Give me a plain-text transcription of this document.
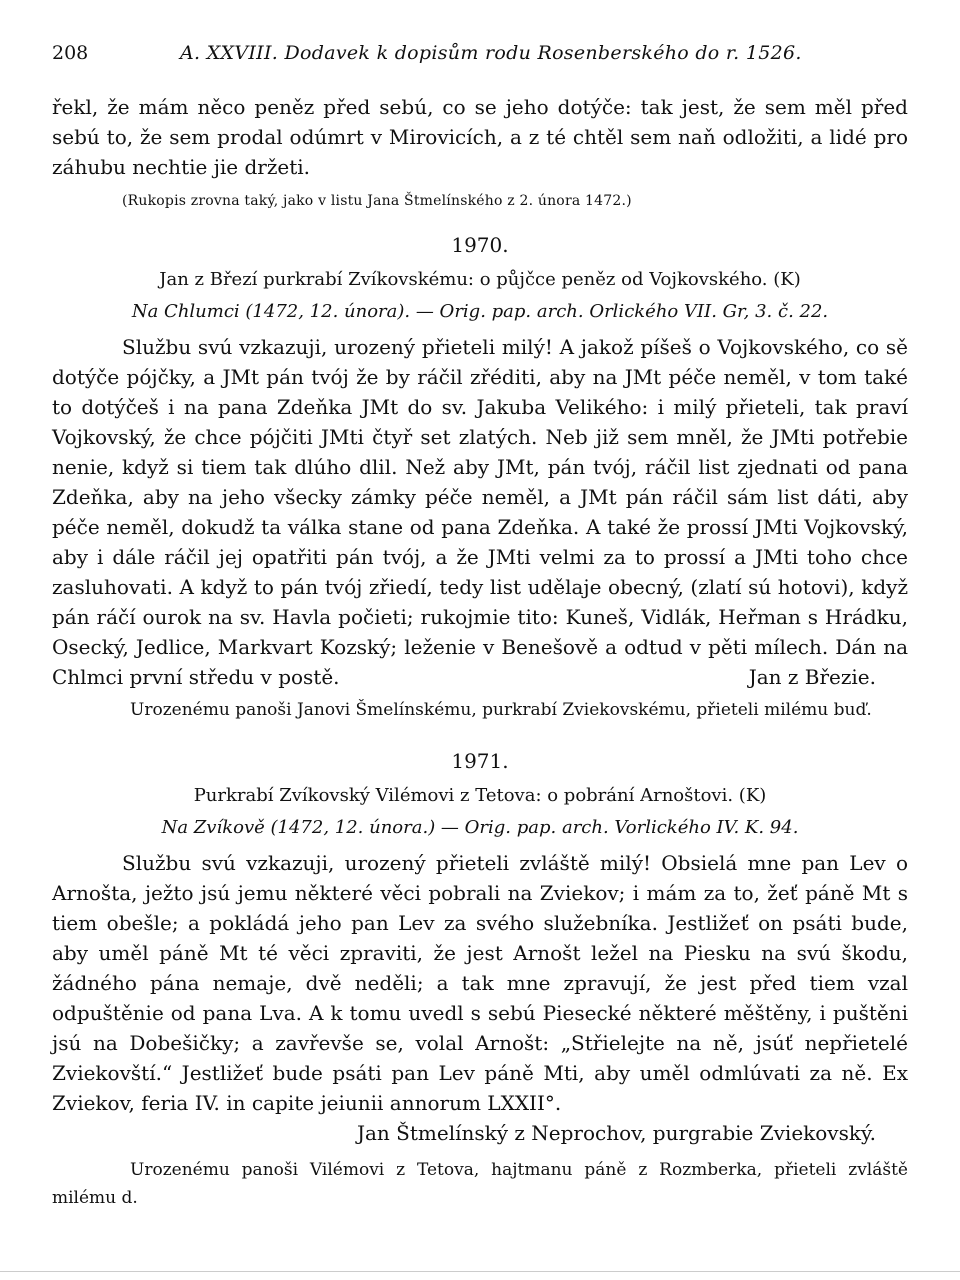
208	A. XXVIII. Dodavek k dopisům rodu Rosenberského do r. 1526.

řekl, že mám něco peněz před sebú, co se jeho dotýče: tak jest, že sem měl před sebú to, že sem prodal odúmrt v Mirovicích, a z té chtěl sem naň odložiti, a lidé pro záhubu nechtie jie držeti.

(Rukopis zrovna taký, jako v listu Jana Štmelínského z 2. února 1472.)

1970.
Jan z Březí purkrabí Zvíkovskému: o půjčce peněz od Vojkovského. (K)
Na Chlumci (1472, 12. února). — Orig. pap. arch. Orlického VII. Gr, 3. č. 22.

Službu svú vzkazuji, urozený přieteli milý! A jakož píšeš o Vojkovského, co sě dotýče pójčky, a JMt pán tvój že by ráčil zřéditi, aby na JMt péče neměl, v tom také to dotýčeš i na pana Zdeňka JMt do sv. Jakuba Velikého: i milý přieteli, tak praví Vojkovský, že chce pójčiti JMti čtyř set zlatých. Neb již sem mněl, že JMti potřebie nenie, když si tiem tak dlúho dlil. Než aby JMt, pán tvój, ráčil list zjednati od pana Zdeňka, aby na jeho všecky zámky péče neměl, a JMt pán ráčil sám list dáti, aby péče neměl, dokudž ta válka stane od pana Zdeňka. A také že prossí JMti Vojkovský, aby i dále ráčil jej opatřiti pán tvój, a že JMti velmi za to prossí a JMti toho chce zasluhovati. A když to pán tvój zřiedí, tedy list udělaje obecný, (zlatí sú hotovi), když pán ráčí ourok na sv. Havla počieti; rukojmie tito: Kuneš, Vidlák, Heřman s Hrádku, Osecký, Jedlice, Markvart Kozský; leženie v Benešově a odtud v pěti mílech. Dán na Chlmci první středu v postě.	Jan z Březie.

Urozenému panoši Janovi Šmelínskému, purkrabí Zviekovskému, přieteli milému buď.

1971.
Purkrabí Zvíkovský Vilémovi z Tetova: o pobrání Arnoštovi. (K)
Na Zvíkově (1472, 12. února.) — Orig. pap. arch. Vorlického IV. K. 94.

Službu svú vzkazuji, urozený přieteli zvláště milý! Obsielá mne pan Lev o Arnošta, ježto jsú jemu některé věci pobrali na Zviekov; i mám za to, žeť páně Mt s tiem obešle; a pokládá jeho pan Lev za svého služebníka. Jestližeť on psáti bude, aby uměl páně Mt té věci zpraviti, že jest Arnošt ležel na Piesku na svú škodu, žádného pána nemaje, dvě neděli; a tak mne zpravují, že jest před tiem vzal odpuštěnie od pana Lva. A k tomu uvedl s sebú Piesecké některé měštěny, i puštěni jsú na Dobešičky; a zavřevše se, volal Arnošt: „Střielejte na ně, jsúť nepřietelé Zviekovští.“ Jestližeť bude psáti pan Lev páně Mti, aby uměl odmlúvati za ně. Ex Zviekov, feria IV. in capite jeiunii annorum LXXII°.

Jan Štmelínský z Neprochov, purgrabie Zviekovský.

Urozenému panoši Vilémovi z Tetova, hajtmanu páně z Rozmberka, přieteli zvláště milému d.
